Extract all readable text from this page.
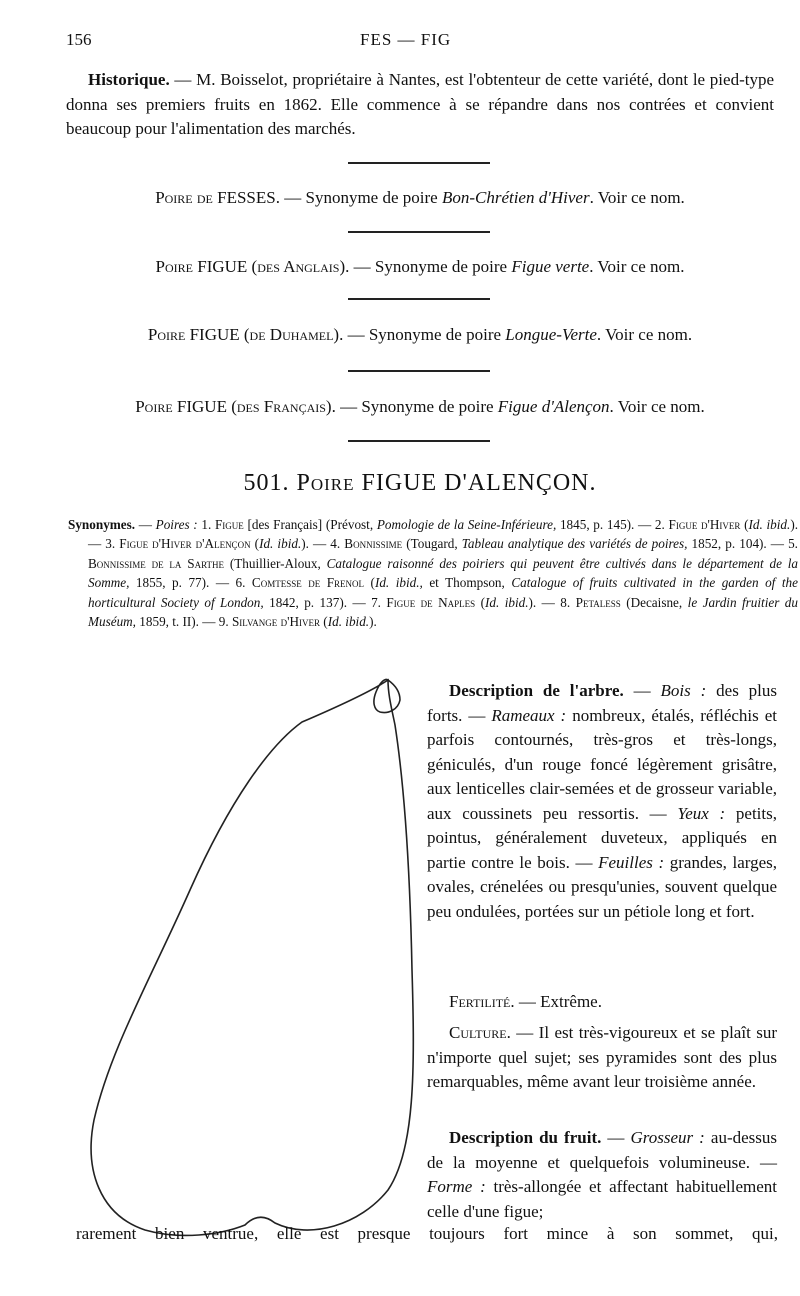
156	FES — FIG
Historique. — M. Boisselot, propriétaire à Nantes, est l'obtenteur de cette variété, dont le pied-type donna ses premiers fruits en 1862. Elle commence à se répandre dans nos contrées et convient beaucoup pour l'alimentation des marchés.
Poire de FESSES. — Synonyme de poire Bon-Chrétien d'Hiver. Voir ce nom.
Poire FIGUE (des Anglais). — Synonyme de poire Figue verte. Voir ce nom.
Poire FIGUE (de Duhamel). — Synonyme de poire Longue-Verte. Voir ce nom.
Poire FIGUE (des Français). — Synonyme de poire Figue d'Alençon. Voir ce nom.
501. Poire FIGUE D'ALENÇON.
Synonymes. — Poires : 1. Figue [des Français] (Prévost, Pomologie de la Seine-Inférieure, 1845, p. 145). — 2. Figue d'Hiver (Id. ibid.). — 3. Figue d'Hiver d'Alençon (Id. ibid.). — 4. Bonnissime (Tougard, Tableau analytique des variétés de poires, 1852, p. 104). — 5. Bonnissime de la Sarthe (Thuillier-Aloux, Catalogue raisonné des poiriers qui peuvent être cultivés dans le département de la Somme, 1855, p. 77). — 6. Comtesse de Frenol (Id. ibid., et Thompson, Catalogue of fruits cultivated in the garden of the horticultural Society of London, 1842, p. 137). — 7. Figue de Naples (Id. ibid.). — 8. Petaless (Decaisne, le Jardin fruitier du Muséum, 1859, t. II). — 9. Silvange d'Hiver (Id. ibid.).
Description de l'arbre. — Bois : des plus forts. — Rameaux : nombreux, étalés, réfléchis et parfois contournés, très-gros et très-longs, géniculés, d'un rouge foncé légèrement grisâtre, aux lenticelles clair-semées et de grosseur variable, aux coussinets peu ressortis. — Yeux : petits, pointus, généralement duveteux, appliqués en partie contre le bois. — Feuilles : grandes, larges, ovales, crénelées ou presqu'unies, souvent quelque peu ondulées, portées sur un pétiole long et fort.
Fertilité. — Extrême.
Culture. — Il est très-vigoureux et se plaît sur n'importe quel sujet; ses pyramides sont des plus remarquables, même avant leur troisième année.
Description du fruit. — Grosseur : au-dessus de la moyenne et quelquefois volumineuse. — Forme : très-allongée et affectant habituellement celle d'une figue;
rarement bien ventrue, elle est presque toujours fort mince à son sommet, qui,
